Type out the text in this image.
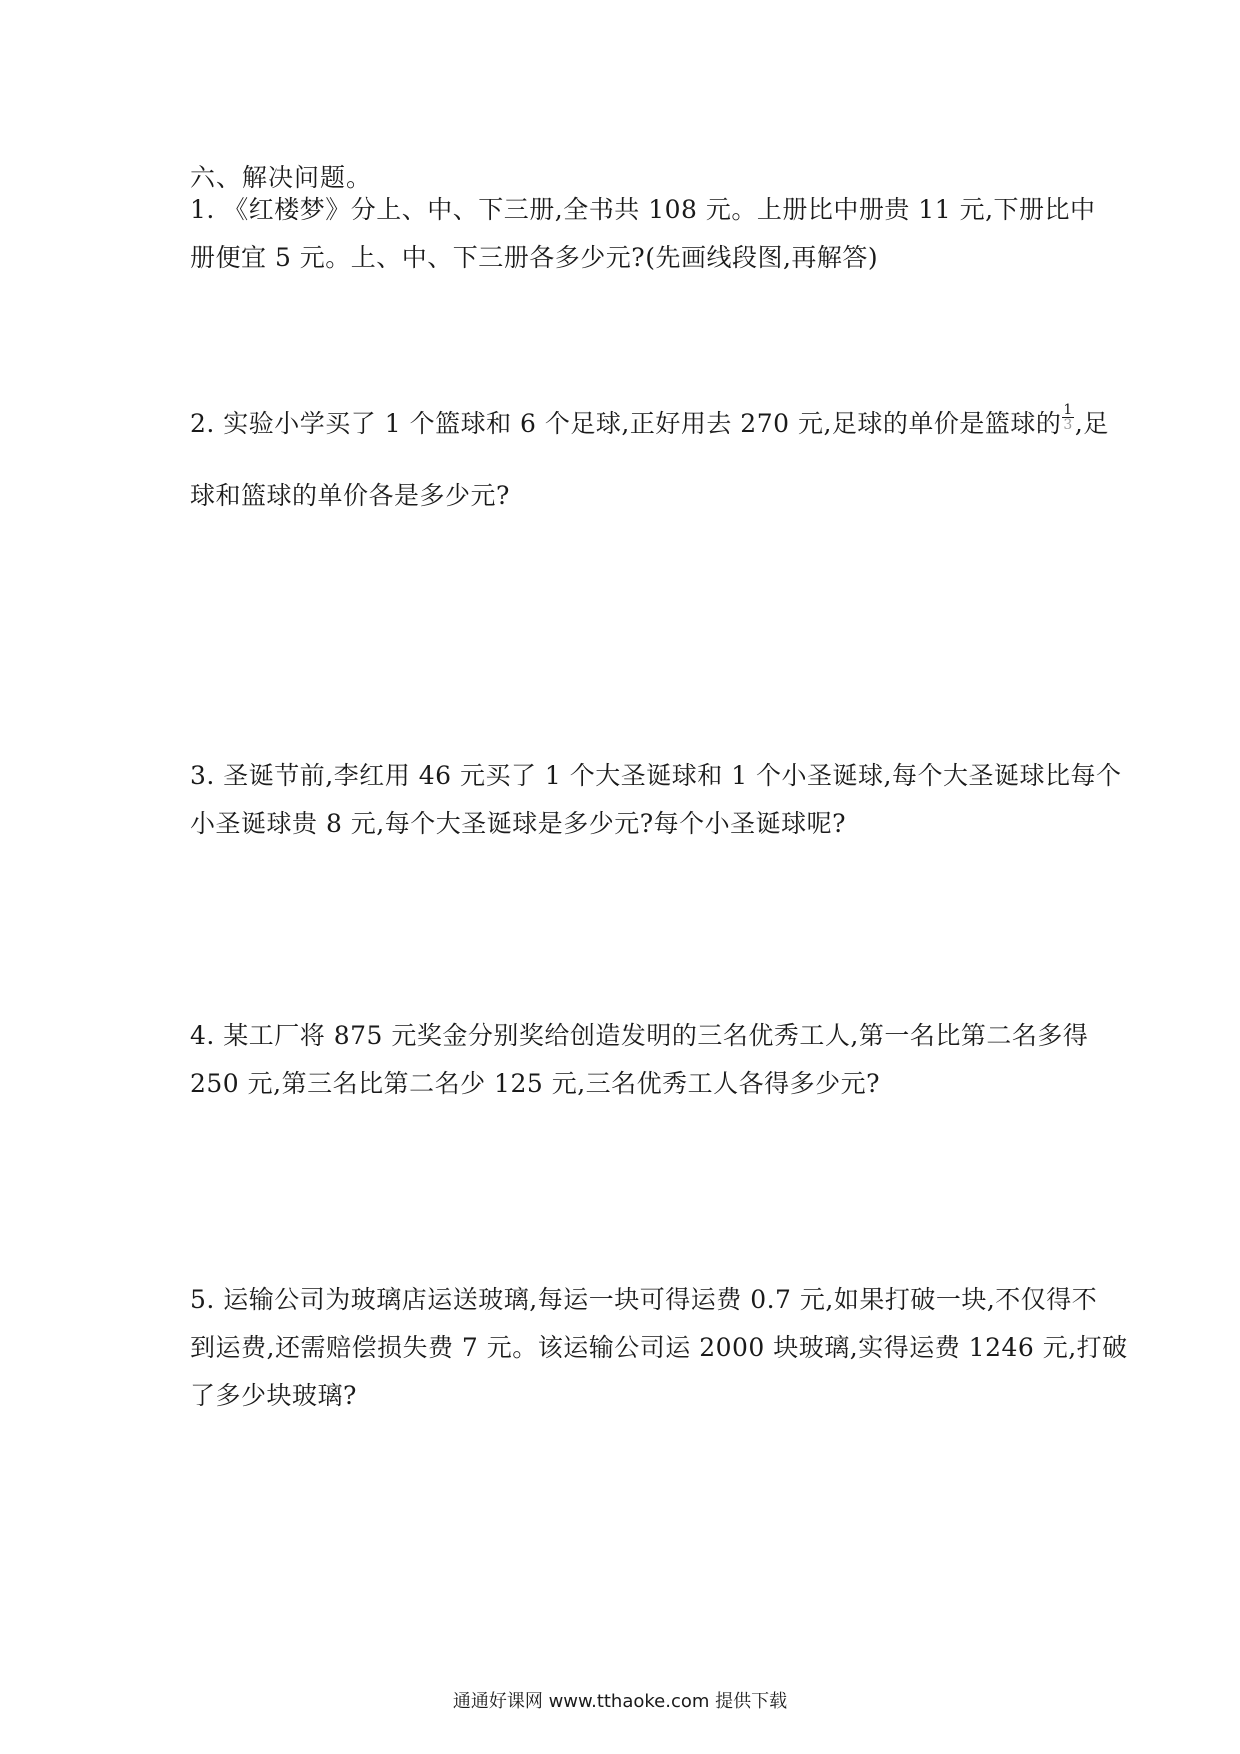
六、解决问题。
1. 《红楼梦》分上、中、下三册,全书共 108 元。上册比中册贵 11 元,下册比中
册便宜 5 元。上、中、下三册各多少元?(先画线段图,再解答)
2. 实验小学买了 1 个篮球和 6 个足球,正好用去 270 元,足球的单价是篮球的 $\frac{1}{3}$ ,足
球和篮球的单价各是多少元?
3. 圣诞节前,李红用 46 元买了 1 个大圣诞球和 1 个小圣诞球,每个大圣诞球比每个
小圣诞球贵 8 元,每个大圣诞球是多少元?每个小圣诞球呢?
4. 某工厂将 875 元奖金分别奖给创造发明的三名优秀工人,第一名比第二名多得
250 元,第三名比第二名少 125 元,三名优秀工人各得多少元?
5. 运输公司为玻璃店运送玻璃,每运一块可得运费 0.7 元,如果打破一块,不仅得不
到运费,还需赔偿损失费 7 元。该运输公司运 2000 块玻璃,实得运费 1246 元,打破
了多少块玻璃?
通通好课网 www.tthaoke.com 提供下载
